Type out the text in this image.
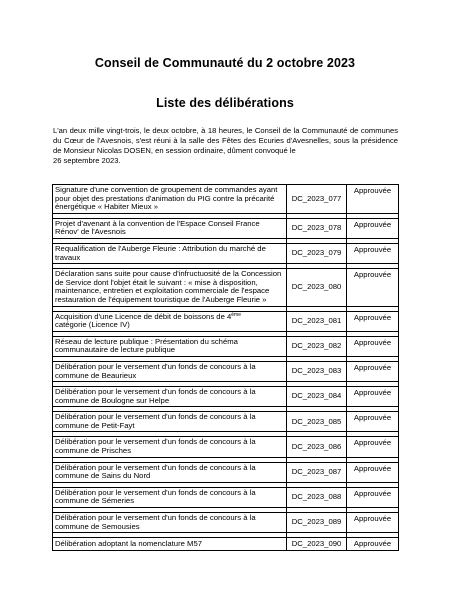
Conseil de Communauté du 2 octobre 2023
Liste des délibérations
L'an deux mille vingt-trois, le deux octobre, à 18 heures, le Conseil de la Communauté de communes du Cœur de l'Avesnois, s'est réuni à la salle des Fêtes des Ecuries d'Avesnelles, sous la présidence de Monsieur Nicolas DOSEN, en session ordinaire, dûment convoqué le
26 septembre 2023.
Signature d'une convention de groupement de commandes ayant pour objet des prestations d'animation du PIG contre la précarité énergétique « Habiter Mieux »	DC_2023_077	Approuvée

Projet d'avenant à la convention de l'Espace Conseil France Rénov' de l'Avesnois	DC_2023_078	Approuvée

Requalification de l'Auberge Fleurie : Attribution du marché de travaux	DC_2023_079	Approuvée

Déclaration sans suite pour cause d'infructuosité de la Concession de Service dont l'objet était le suivant : « mise à disposition, maintenance, entretien et exploitation commerciale de l'espace restauration de l'équipement touristique de l'Auberge Fleurie »	DC_2023_080	Approuvée

Acquisition d'une Licence de débit de boissons de 4ème
catégorie (Licence IV)	DC_2023_081	Approuvée

Réseau de lecture publique : Présentation du schéma communautaire de lecture publique	DC_2023_082	Approuvée

Délibération pour le versement d'un fonds de concours à la commune de Beaurieux	DC_2023_083	Approuvée

Délibération pour le versement d'un fonds de concours à la commune de Boulogne sur Helpe	DC_2023_084	Approuvée

Délibération pour le versement d'un fonds de concours à la commune de Petit-Fayt	DC_2023_085	Approuvée

Délibération pour le versement d'un fonds de concours à la commune de Prisches	DC_2023_086	Approuvée

Délibération pour le versement d'un fonds de concours à la commune de Sains du Nord	DC_2023_087	Approuvée

Délibération pour le versement d'un fonds de concours à la commune de Sémeries	DC_2023_088	Approuvée

Délibération pour le versement d'un fonds de concours à la commune de Semousies	DC_2023_089	Approuvée

Délibération adoptant la nomenclature M57	DC_2023_090	Approuvée
